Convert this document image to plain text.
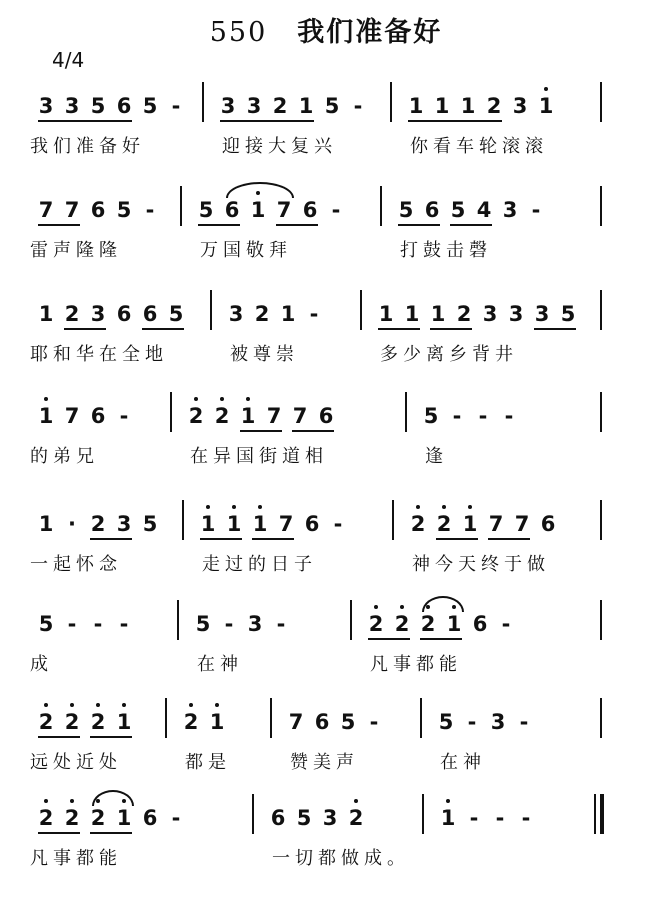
550 我们准备好
4/4
3 3 5 6 5 - 3 3 2 1 5 - 1 1 1 2 3 1
我们准备好	迎接大复兴	你看车轮滚滚
7 7 6 5 - 5 6 1 7 6 -	5 6 5 4 3 -
雷声隆隆	万国敬拜	打鼓击磬
1 2 3 6 6 5 3 2 1 -	1 1 1 2 3 3 3 5
耶和华在全地	被尊崇	多少离乡背井
1 7 6 -	2 2 1 7 7 6	5 - - -
的弟兄	在异国街道相	逢
1 · 2 3 5 1 1 1 7 6 -	2 2 1 7 7 6
一起怀念	走过的日子	神今天终于做
5 - - -	5 - 3 -	2 2 2 1 6 -
成	在神	凡事都能
2 2 2 1 2 1	7 6 5 -	5 - 3 -
远处近处	都是	赞美声	在神
2 2 2 1 6 -	6 5 3 2	1 - - -
凡事都能	一切都做成。
